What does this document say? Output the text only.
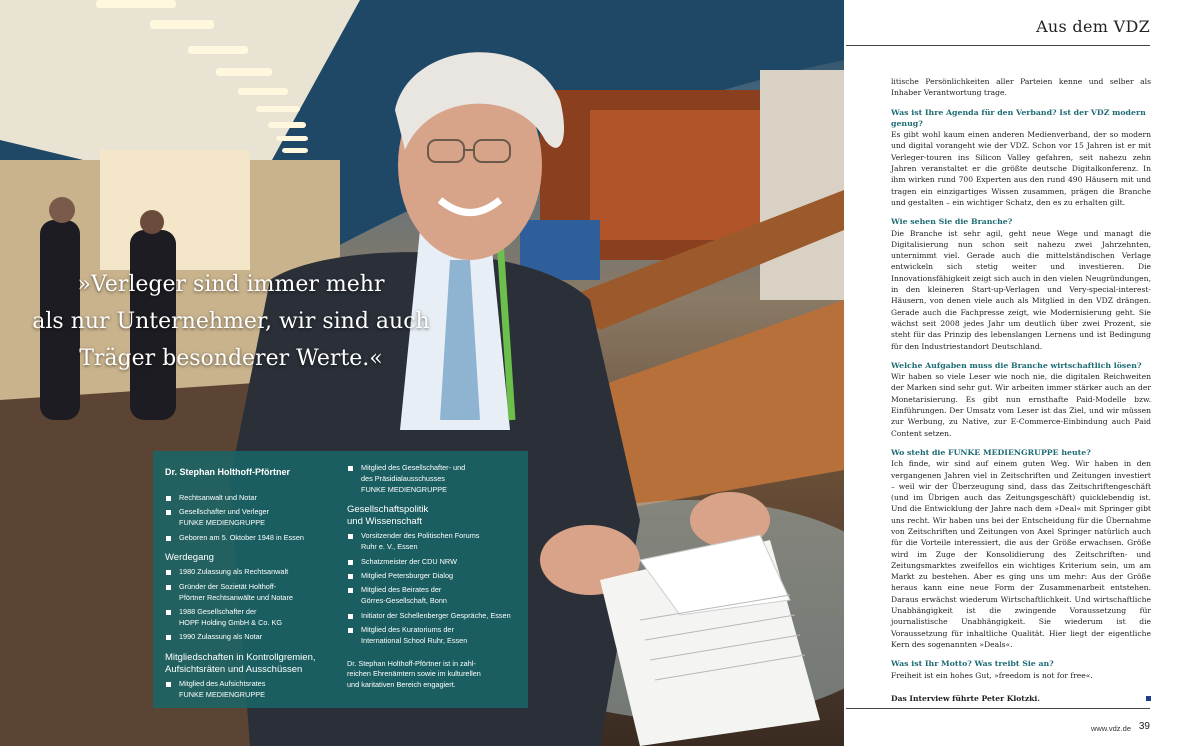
»Verleger sind immer mehr
als nur Unternehmer, wir sind auch
Träger besonderer Werte.«
Dr. Stephan Holthoff-Pförtner
Rechtsanwalt und Notar
Gesellschafter und Verleger
FUNKE MEDIENGRUPPE
Geboren am 5. Oktober 1948 in Essen
Werdegang
1980 Zulassung als Rechtsanwalt
Gründer der Sozietät Holthoff-
Pförtner Rechtsanwälte und Notare
1988 Gesellschafter der
HOPF Holding GmbH & Co. KG
1990 Zulassung als Notar
Mitgliedschaften in Kontrollgremien,
Aufsichtsräten und Ausschüssen
Mitglied des Aufsichtsrates
FUNKE MEDIENGRUPPE
Mitglied des Gesellschafter- und
des Präsidialausschusses
FUNKE MEDIENGRUPPE
Gesellschaftspolitik
und Wissenschaft
Vorsitzender des Politischen Forums
Ruhr e. V., Essen
Schatzmeister der CDU NRW
Mitglied Petersburger Dialog
Mitglied des Beirates der
Görres-Gesellschaft, Bonn
Initiator der Schellenberger Gespräche, Essen
Mitglied des Kuratoriums der
International School Ruhr, Essen
Dr. Stephan Holthoff-Pförtner ist in zahl-
reichen Ehrenämtern sowie im kulturellen
und karitativen Bereich engagiert.
Aus dem VDZ

litische Persönlichkeiten aller Parteien kenne und selber als Inhaber Verantwortung trage.

Was ist Ihre Agenda für den Verband? Ist der VDZ modern genug?

Es gibt wohl kaum einen anderen Medienverband, der so modern und digital vorangeht wie der VDZ. Schon vor 15 Jahren ist er mit Verleger-touren ins Silicon Valley gefahren, seit nahezu zehn Jahren veranstaltet er die größte deutsche Digitalkonferenz. In ihm wirken rund 700 Experten aus den rund 490 Häusern mit und tragen ein einzigartiges Wissen zusammen, prägen die Branche und gestalten – ein wichtiger Schatz, den es zu erhalten gilt.

Wie sehen Sie die Branche?

Die Branche ist sehr agil, geht neue Wege und managt die Digitalisierung nun schon seit nahezu zwei Jahrzehnten, unternimmt viel. Gerade auch die mittelständischen Verlage entwickeln sich stetig weiter und investieren. Die Innovationsfähigkeit zeigt sich auch in den vielen Neugründungen, in den kleineren Start-up-Verlagen und Very-special-interest-Häusern, von denen viele auch als Mitglied in den VDZ drängen. Gerade auch die Fachpresse zeigt, wie Modernisierung geht. Sie wächst seit 2008 jedes Jahr um deutlich über zwei Prozent, sie steht für das Prinzip des lebenslangen Lernens und ist Bedingung für den Industriestandort Deutschland.

Welche Aufgaben muss die Branche wirtschaftlich lösen?

Wir haben so viele Leser wie noch nie, die digitalen Reichweiten der Marken sind sehr gut. Wir arbeiten immer stärker auch an der Monetarisierung. Es gibt nun ernsthafte Paid-Modelle bzw. Einführungen. Der Umsatz vom Leser ist das Ziel, und wir müssen zur Werbung, zu Native, zur E-Commerce-Einbindung auch Paid Content setzen.

Wo steht die FUNKE MEDIENGRUPPE heute?

Ich finde, wir sind auf einem guten Weg. Wir haben in den vergangenen Jahren viel in Zeitschriften und Zeitungen investiert – weil wir der Überzeugung sind, dass das Zeitschriftengeschäft (und im Übrigen auch das Zeitungsgeschäft) quicklebendig ist. Und die Entwicklung der Jahre nach dem »Deal« mit Springer gibt uns recht. Wir haben uns bei der Entscheidung für die Übernahme von Zeitschriften und Zeitungen von Axel Springer natürlich auch für die Vorteile interessiert, die aus der Größe erwachsen. Größe wird im Zuge der Konsolidierung des Zeitschriften- und Zeitungsmarktes zweifellos ein wichtiges Kriterium sein, um am Markt zu bestehen. Aber es ging uns um mehr: Aus der Größe heraus kann eine neue Form der Zusammenarbeit entstehen. Daraus erwächst wiederum Wirtschaftlichkeit. Und wirtschaftliche Unabhängigkeit ist die zwingende Voraussetzung für journalistische Unabhängigkeit. Sie wiederum ist die Voraussetzung für inhaltliche Qualität. Hier liegt der eigentliche Kern des sogenannten »Deals«.

Was ist Ihr Motto? Was treibt Sie an?

Freiheit ist ein hohes Gut, »freedom is not for free«.

Das Interview führte Peter Klotzki.
www.vdz.de 39
